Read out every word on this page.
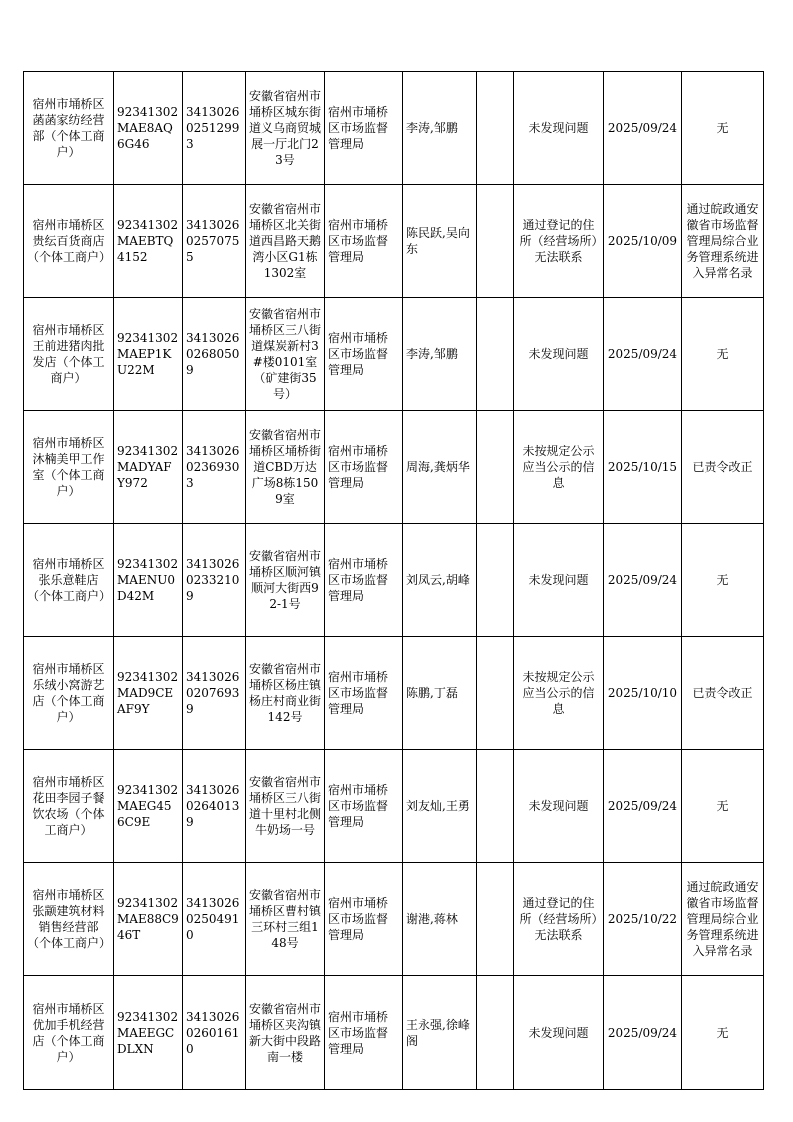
宿州市埇桥区菡菡家纺经营部（个体工商户）	92341302MAE8AQ6G46	341302602512993	安徽省宿州市埇桥区城东街道义乌商贸城展一厅北门23号	宿州市埇桥区市场监督管理局	李涛,邹鹏		未发现问题	2025/09/24	无
宿州市埇桥区贵纭百货商店（个体工商户）	92341302MAEBTQ4152	341302602570755	安徽省宿州市埇桥区北关街道西昌路天鹅湾小区G1栋1302室	宿州市埇桥区市场监督管理局	陈民跃,吴向东		通过登记的住所（经营场所）无法联系	2025/10/09	通过皖政通安徽省市场监督管理局综合业务管理系统进入异常名录
宿州市埇桥区王前进猪肉批发店（个体工商户）	92341302MAEP1KU22M	341302602680509	安徽省宿州市埇桥区三八街道煤炭新村3#楼0101室（矿建街35号）	宿州市埇桥区市场监督管理局	李涛,邹鹏		未发现问题	2025/09/24	无
宿州市埇桥区沐楠美甲工作室（个体工商户）	92341302MADYAFY972	341302602369303	安徽省宿州市埇桥区埇桥街道CBD万达广场8栋1509室	宿州市埇桥区市场监督管理局	周海,龚炳华		未按规定公示应当公示的信息	2025/10/15	已责令改正
宿州市埇桥区张乐意鞋店（个体工商户）	92341302MAENU0D42M	341302602332109	安徽省宿州市埇桥区顺河镇顺河大街西92-1号	宿州市埇桥区市场监督管理局	刘凤云,胡峰		未发现问题	2025/09/24	无
宿州市埇桥区乐绒小窝游艺店（个体工商户）	92341302MAD9CEAF9Y	341302602076939	安徽省宿州市埇桥区杨庄镇杨庄村商业街142号	宿州市埇桥区市场监督管理局	陈鹏,丁磊		未按规定公示应当公示的信息	2025/10/10	已责令改正
宿州市埇桥区花田李园子餐饮农场（个体工商户）	92341302MAEG456C9E	341302602640139	安徽省宿州市埇桥区三八街道十里村北侧牛奶场一号	宿州市埇桥区市场监督管理局	刘友灿,王勇		未发现问题	2025/09/24	无
宿州市埇桥区张颛建筑材料销售经营部（个体工商户）	92341302MAE88C946T	341302602504910	安徽省宿州市埇桥区曹村镇三环村三组148号	宿州市埇桥区市场监督管理局	谢港,蒋林		通过登记的住所（经营场所）无法联系	2025/10/22	通过皖政通安徽省市场监督管理局综合业务管理系统进入异常名录
宿州市埇桥区优加手机经营店（个体工商户）	92341302MAEEGCDLXN	341302602601610	安徽省宿州市埇桥区夹沟镇新大街中段路南一楼	宿州市埇桥区市场监督管理局	王永强,徐峰阁		未发现问题	2025/09/24	无
